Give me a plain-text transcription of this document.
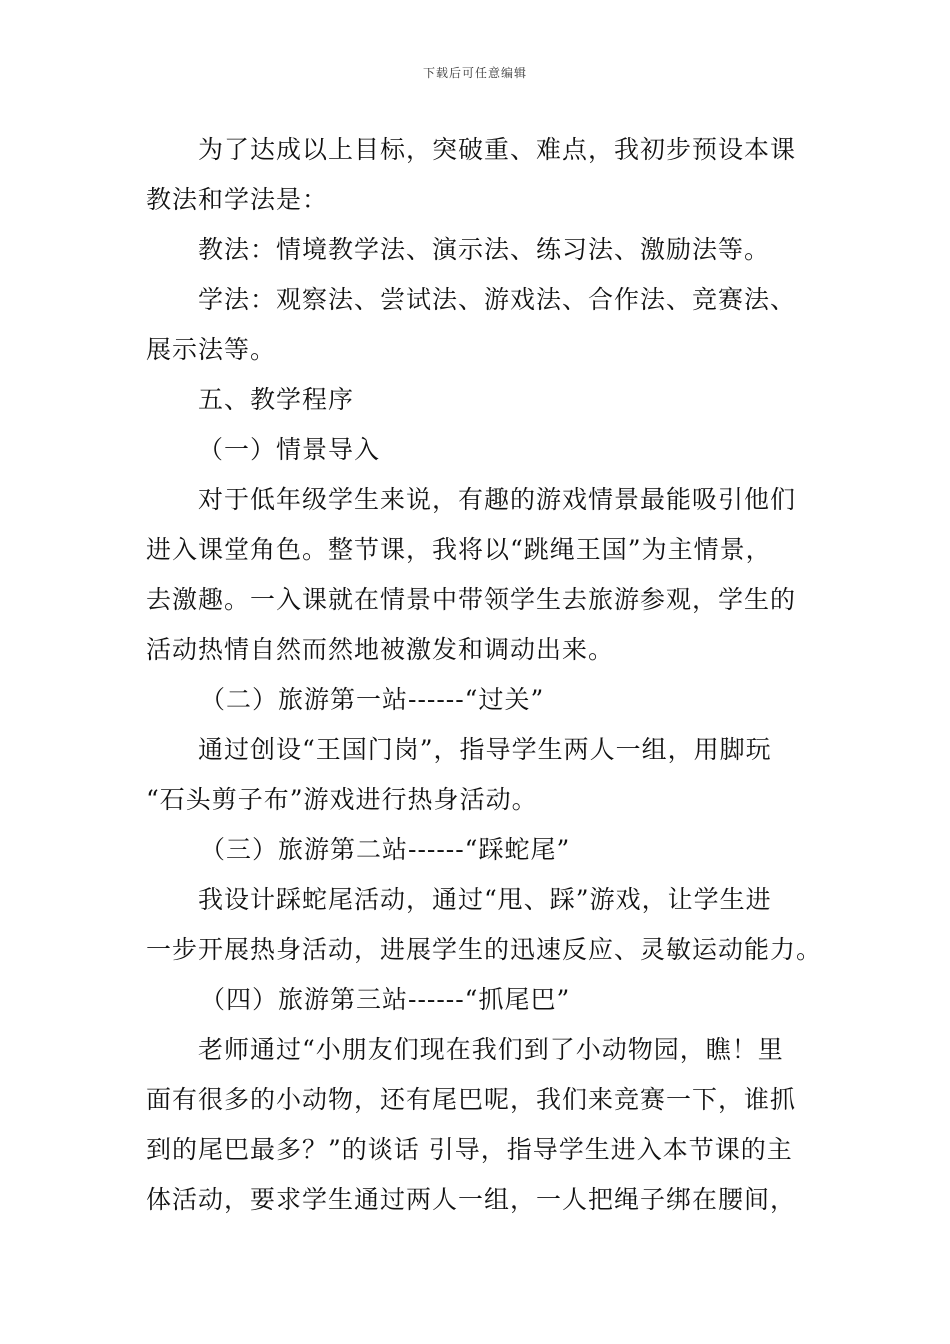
下载后可任意编辑
为了达成以上目标，突破重、难点，我初步预设本课
教法和学法是：
教法：情境教学法、演示法、练习法、激励法等。
学法：观察法、尝试法、游戏法、合作法、竞赛法、
展示法等。
五、教学程序
（一）情景导入
对于低年级学生来说，有趣的游戏情景最能吸引他们
进入课堂角色。整节课，我将以“跳绳王国”为主情景，
去激趣。一入课就在情景中带领学生去旅游参观，学生的
活动热情自然而然地被激发和调动出来。
（二）旅游第一站------“过关”
通过创设“王国门岗”，指导学生两人一组，用脚玩
“石头剪子布”游戏进行热身活动。
（三）旅游第二站------“踩蛇尾”
我设计踩蛇尾活动，通过“甩、踩”游戏，让学生进
一步开展热身活动，进展学生的迅速反应、灵敏运动能力。
（四）旅游第三站------“抓尾巴”
老师通过“小朋友们现在我们到了小动物园，瞧！里
面有很多的小动物，还有尾巴呢，我们来竞赛一下，谁抓
到的尾巴最多？”的谈话 引导，指导学生进入本节课的主
体活动，要求学生通过两人一组，一人把绳子绑在腰间，
